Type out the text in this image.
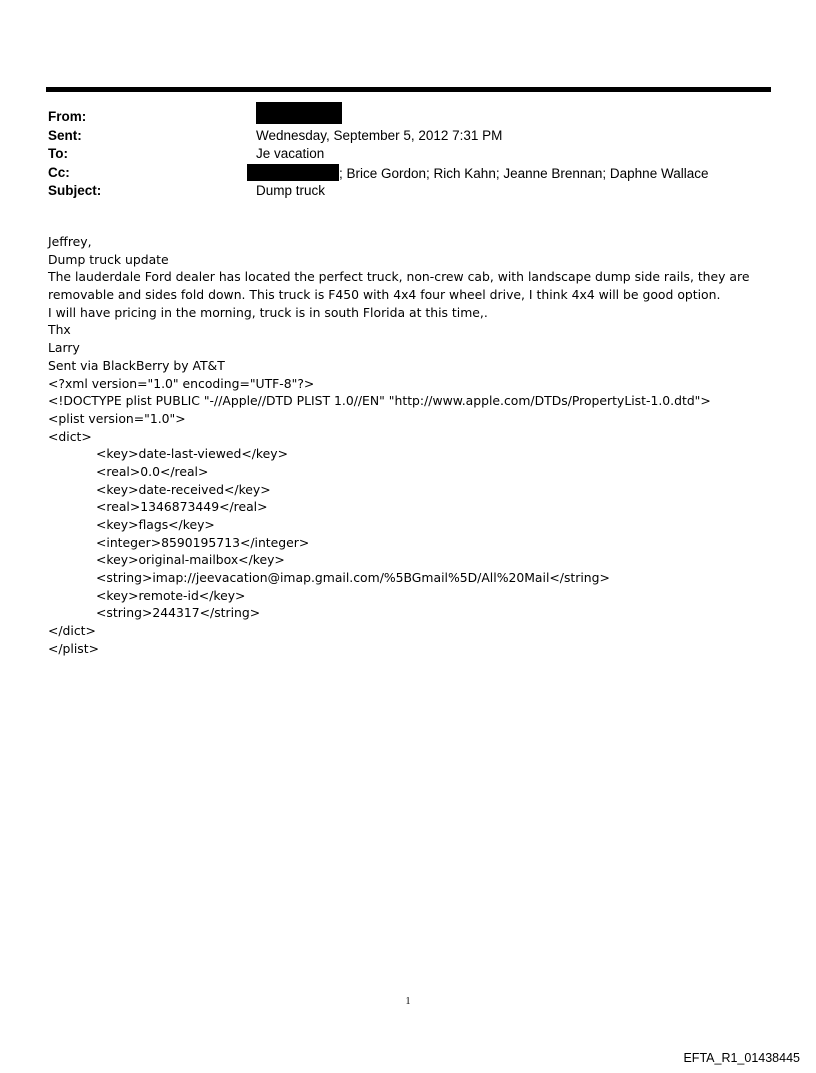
From:
Sent:	Wednesday, September 5, 2012 7:31 PM
To:	Je vacation
Cc:	; Brice Gordon; Rich Kahn; Jeanne Brennan; Daphne Wallace
Subject:	Dump truck
Jeffrey,
Dump truck update
The lauderdale Ford dealer has located the perfect truck, non-crew cab, with landscape dump side rails, they are
removable and sides fold down. This truck is F450 with 4x4 four wheel drive, I think 4x4 will be good option.
I will have pricing in the morning, truck is in south Florida at this time,.
Thx
Larry
Sent via BlackBerry by AT&T
<?xml version="1.0" encoding="UTF-8"?>
<!DOCTYPE plist PUBLIC "-//Apple//DTD PLIST 1.0//EN" "http://www.apple.com/DTDs/PropertyList-1.0.dtd">
<plist version="1.0">
<dict>
<key>date-last-viewed</key>
<real>0.0</real>
<key>date-received</key>
<real>1346873449</real>
<key>flags</key>
<integer>8590195713</integer>
<key>original-mailbox</key>
<string>imap://jeevacation@imap.gmail.com/%5BGmail%5D/All%20Mail</string>
<key>remote-id</key>
<string>244317</string>
</dict>
</plist>
1
EFTA_R1_01438445
